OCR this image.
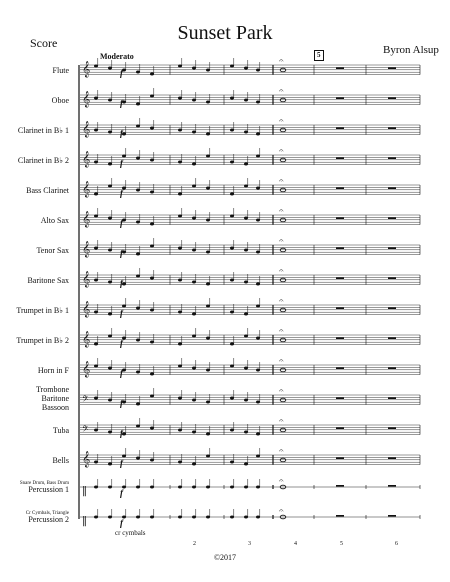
Sunset Park
Score	Byron Alsup
Moderato	5
Flute
Oboe
Clarinet in B♭ 1
Clarinet in B♭ 2
Bass Clarinet
Alto Sax
Tenor Sax
Baritone Sax
Trumpet in B♭ 1
Trumpet in B♭ 2
Horn in F
Trombone
Baritone
Bassoon
Tuba
Bells
Snare Drum, Bass Drum
Percussion 1
Cr Cymbals, Triangle
Percussion 2
𝄞
𝄐
f
𝄞
𝄐
f
𝄞
𝄐
f
𝄞
𝄐
f
𝄞
𝄐
f
𝄞
𝄐
f
𝄞
𝄐
f
𝄞
𝄐
f
𝄞
𝄐
f
𝄞
𝄐
f
𝄞
𝄐
f
𝄢
𝄐
f
𝄢
𝄐
f
𝄞
𝄐
f
‖
𝄐
f
‖
𝄐
f
cr cymbals
2	3	4	5	6
©2017
